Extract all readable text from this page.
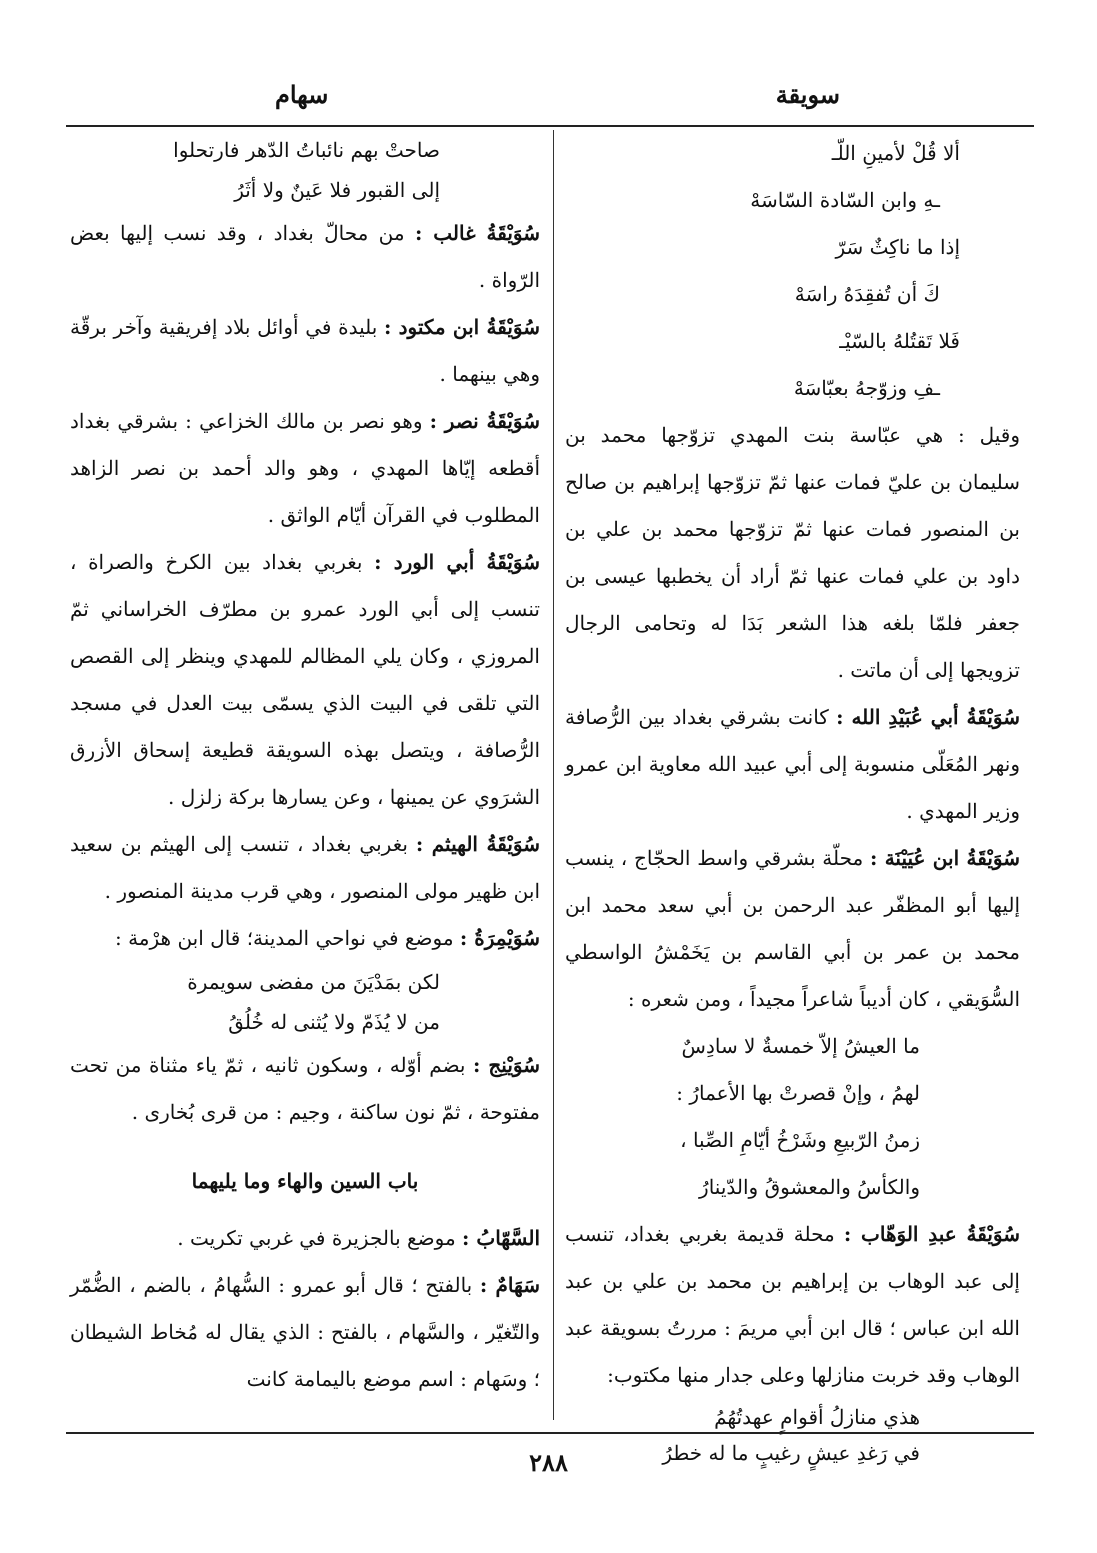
سويقة
سهام

ألا قُلْ لأمينِ اللّـ

ـهِ وابن السّادة السّاسَهْ

إذا ما ناكِثٌ سَرّ

كَ أن تُفقِدَهُ راسَهْ

فَلا تَقتُلهُ بالسّيْـ

ـفِ وزوّجهُ بعبّاسَهْ

وقيل : هي عبّاسة بنت المهدي تزوّجها محمد بن سليمان بن عليّ فمات عنها ثمّ تزوّجها إبراهيم بن صالح بن المنصور فمات عنها ثمّ تزوّجها محمد بن علي بن داود بن علي فمات عنها ثمّ أراد أن يخطبها عيسى بن جعفر فلمّا بلغه هذا الشعر بَدَا له وتحامى الرجال تزويجها إلى أن ماتت .

سُوَيْقَةُ أبي عُبَيْدِ الله : كانت بشرقي بغداد بين الرُّصافة ونهر المُعَلّى منسوبة إلى أبي عبيد الله معاوية ابن عمرو وزير المهدي .

سُوَيْقَةُ ابن عُيَيْنَة : محلّة بشرقي واسط الحجّاج ، ينسب إليها أبو المظفّر عبد الرحمن بن أبي سعد محمد ابن محمد بن عمر بن أبي القاسم بن يَخَمْشُ الواسطي السُّوَيقي ، كان أديباً شاعراً مجيداً ، ومن شعره :

ما العيشُ إلاّ خمسةٌ لا سادِسٌ

لهمُ ، وإنْ قصرتْ بها الأعمارُ :

زمنُ الرّبيعِ وشَرْخُ أيّامِ الصِّبا ،

والكأسُ والمعشوقُ والدّينارُ

سُوَيْقَةُ عبدِ الوَهّاب : محلة قديمة بغربي بغداد، تنسب إلى عبد الوهاب بن إبراهيم بن محمد بن علي بن عبد الله ابن عباس ؛ قال ابن أبي مريمَ : مررتُ بسويقة عبد الوهاب وقد خربت منازلها وعلى جدار منها مكتوب:

هذي منازلُ أقوامٍ عهدتُهُمُ

في رَغدِ عيشٍ رغيبٍ ما له خطرُ

صاحتْ بهم نائباتُ الدّهر فارتحلوا

إلى القبور فلا عَينٌ ولا أثَرُ

سُوَيْقَةُ غالب : من محالّ بغداد ، وقد نسب إليها بعض الرّواة .

سُوَيْقَةُ ابن مكتود : بليدة في أوائل بلاد إفريقية وآخر برقّة وهي بينهما .

سُوَيْقَةُ نصر : وهو نصر بن مالك الخزاعي : بشرقي بغداد أقطعه إيّاها المهدي ، وهو والد أحمد بن نصر الزاهد المطلوب في القرآن أيّام الواثق .

سُوَيْقَةُ أبي الورد : بغربي بغداد بين الكرخ والصراة ، تنسب إلى أبي الورد عمرو بن مطرّف الخراساني ثمّ المروزي ، وكان يلي المظالم للمهدي وينظر إلى القصص التي تلقى في البيت الذي يسمّى بيت العدل في مسجد الرُّصافة ، ويتصل بهذه السويقة قطيعة إسحاق الأزرق الشرَوي عن يمينها ، وعن يسارها بركة زلزل .

سُوَيْقَةُ الهيثم : بغربي بغداد ، تنسب إلى الهيثم بن سعيد ابن ظهير مولى المنصور ، وهي قرب مدينة المنصور .

سُوَيْمِرَةُ : موضع في نواحي المدينة؛ قال ابن هرْمة :

لكن بمَدْيَنَ من مفضى سويمرة

من لا يُذَمّ ولا يُثنى له خُلُقُ

سُوَيْنِج : بضم أوّله ، وسكون ثانيه ، ثمّ ياء مثناة من تحت مفتوحة ، ثمّ نون ساكنة ، وجيم : من قرى بُخارى .

باب السين والهاء وما يليهما

السَّهّابُ : موضع بالجزيرة في غربي تكريت .

سَهَامٌ : بالفتح ؛ قال أبو عمرو : السُّهامُ ، بالضم ، الضُّمّر والتّغيّر ، والسَّهام ، بالفتح : الذي يقال له مُخاط الشيطان ؛ وسَهام : اسم موضع باليمامة كانت

٢٨٨
